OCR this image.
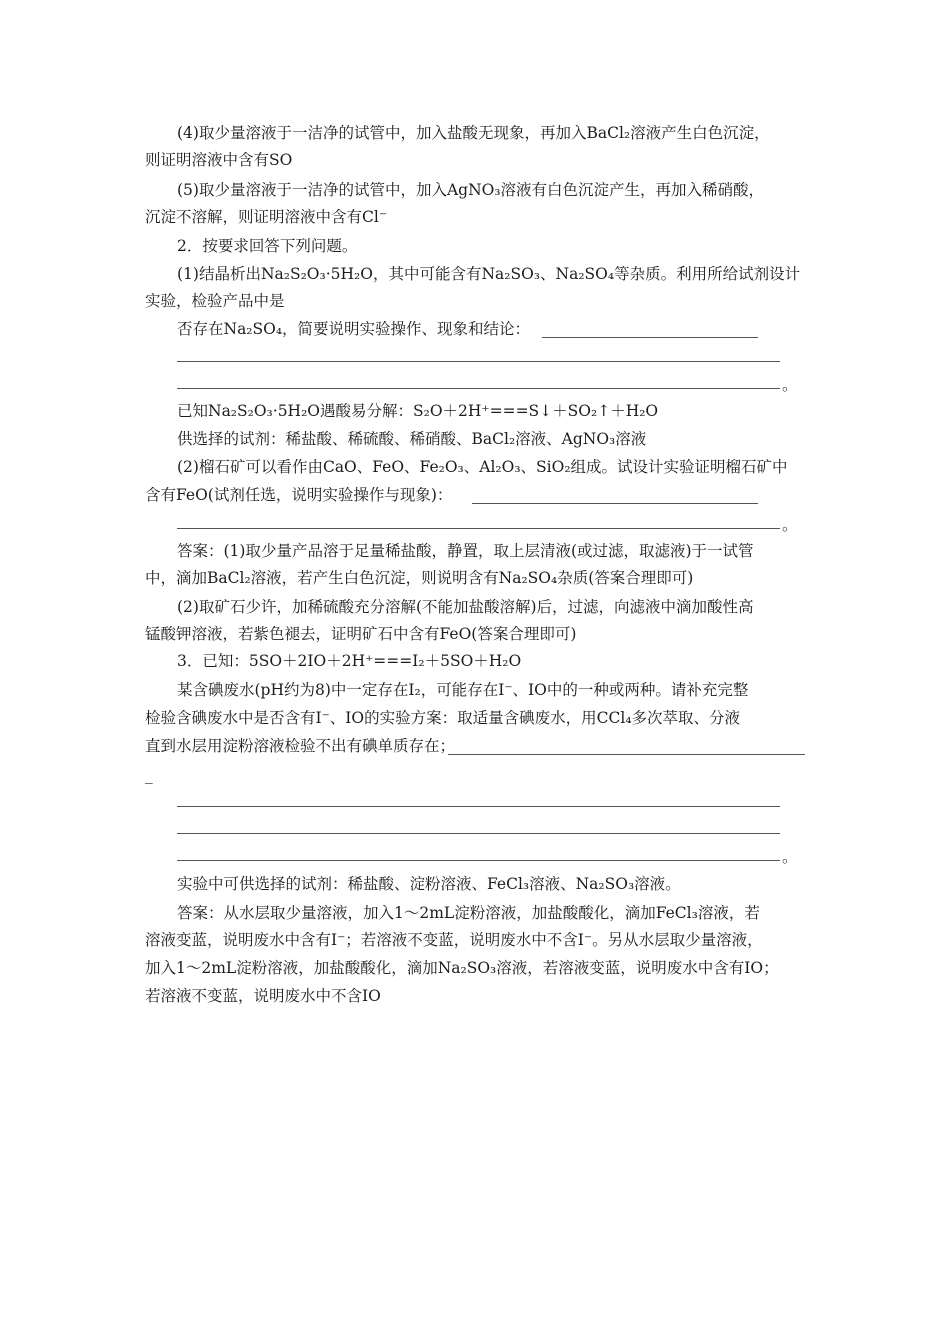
(4)取少量溶液于一洁净的试管中，加入盐酸无现象，再加入BaCl₂溶液产生白色沉淀，
则证明溶液中含有SO
(5)取少量溶液于一洁净的试管中，加入AgNO₃溶液有白色沉淀产生，再加入稀硝酸，
沉淀不溶解，则证明溶液中含有Cl⁻
2．按要求回答下列问题。
(1)结晶析出Na₂S₂O₃·5H₂O，其中可能含有Na₂SO₃、Na₂SO₄等杂质。利用所给试剂设计
实验，检验产品中是
否存在Na₂SO₄，简要说明实验操作、现象和结论：
。
已知Na₂S₂O₃·5H₂O遇酸易分解：S₂O＋2H⁺===S↓＋SO₂↑＋H₂O
供选择的试剂：稀盐酸、稀硫酸、稀硝酸、BaCl₂溶液、AgNO₃溶液
(2)榴石矿可以看作由CaO、FeO、Fe₂O₃、Al₂O₃、SiO₂组成。试设计实验证明榴石矿中
含有FeO(试剂任选，说明实验操作与现象)：
。
答案：(1)取少量产品溶于足量稀盐酸，静置，取上层清液(或过滤，取滤液)于一试管
中，滴加BaCl₂溶液，若产生白色沉淀，则说明含有Na₂SO₄杂质(答案合理即可)
(2)取矿石少许，加稀硫酸充分溶解(不能加盐酸溶解)后，过滤，向滤液中滴加酸性高
锰酸钾溶液，若紫色褪去，证明矿石中含有FeO(答案合理即可)
3．已知：5SO＋2IO＋2H⁺===I₂＋5SO＋H₂O
某含碘废水(pH约为8)中一定存在I₂，可能存在I⁻、IO中的一种或两种。请补充完整
检验含碘废水中是否含有I⁻、IO的实验方案：取适量含碘废水，用CCl₄多次萃取、分液
直到水层用淀粉溶液检验不出有碘单质存在；
_
。
实验中可供选择的试剂：稀盐酸、淀粉溶液、FeCl₃溶液、Na₂SO₃溶液。
答案：从水层取少量溶液，加入1～2mL淀粉溶液，加盐酸酸化，滴加FeCl₃溶液，若
溶液变蓝，说明废水中含有I⁻；若溶液不变蓝，说明废水中不含I⁻。另从水层取少量溶液，
加入1～2mL淀粉溶液，加盐酸酸化，滴加Na₂SO₃溶液，若溶液变蓝，说明废水中含有IO；
若溶液不变蓝，说明废水中不含IO
